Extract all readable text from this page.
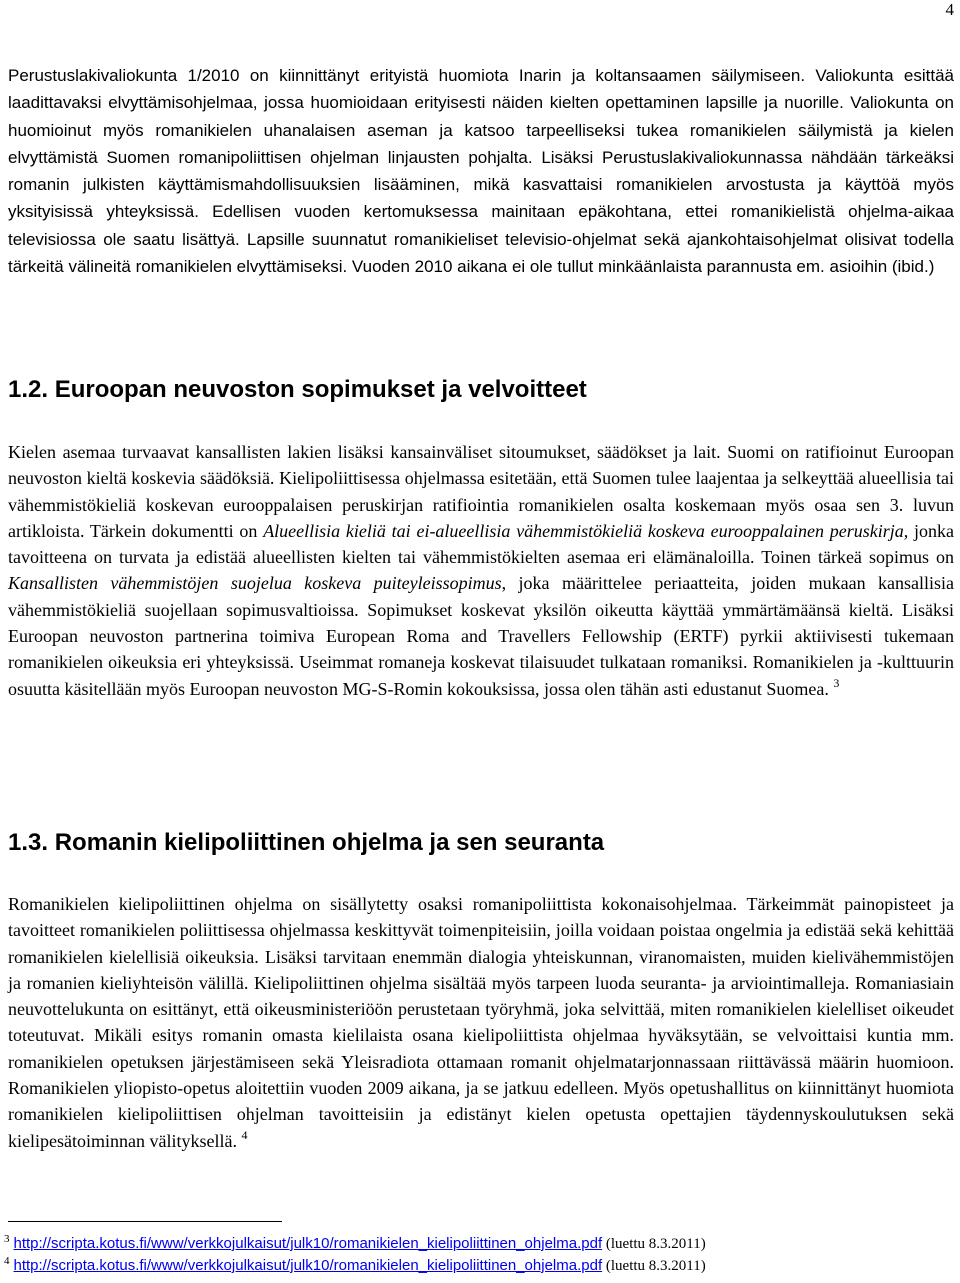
4
Perustuslakivaliokunta 1/2010 on kiinnittänyt erityistä huomiota Inarin ja koltansaamen säilymiseen. Valiokunta esittää laadittavaksi elvyttämisohjelmaa, jossa huomioidaan erityisesti näiden kielten opettaminen lapsille ja nuorille. Valiokunta on huomioinut myös romanikielen uhanalaisen aseman ja katsoo tarpeelliseksi tukea romanikielen säilymistä ja kielen elvyttämistä Suomen romanipoliittisen ohjelman linjausten pohjalta. Lisäksi Perustuslakivaliokunnassa nähdään tärkeäksi romanin julkisten käyttämismahdollisuuksien lisääminen, mikä kasvattaisi romanikielen arvostusta ja käyttöä myös yksityisissä yhteyksissä. Edellisen vuoden kertomuksessa mainitaan epäkohtana, ettei romanikielistä ohjelma-aikaa televisiossa ole saatu lisättyä. Lapsille suunnatut romanikieliset televisio-ohjelmat sekä ajankohtaisohjelmat olisivat todella tärkeitä välineitä romanikielen elvyttämiseksi. Vuoden 2010 aikana ei ole tullut minkäänlaista parannusta em. asioihin (ibid.)
1.2. Euroopan neuvoston sopimukset ja velvoitteet
Kielen asemaa turvaavat kansallisten lakien lisäksi kansainväliset sitoumukset, säädökset ja lait. Suomi on ratifioinut Euroopan neuvoston kieltä koskevia säädöksiä. Kielipoliittisessa ohjelmassa esitetään, että Suomen tulee laajentaa ja selkeyttää alueellisia tai vähemmistökieliä koskevan eurooppalaisen peruskirjan ratifiointia romanikielen osalta koskemaan myös osaa sen 3. luvun artikloista. Tärkein dokumentti on Alueellisia kieliä tai ei-alueellisia vähemmistökieliä koskeva eurooppalainen peruskirja, jonka tavoitteena on turvata ja edistää alueellisten kielten tai vähemmistökielten asemaa eri elämänaloilla. Toinen tärkeä sopimus on Kansallisten vähemmistöjen suojelua koskeva puiteyleissopimus, joka määrittelee periaatteita, joiden mukaan kansallisia vähemmistökieliä suojellaan sopimusvaltioissa. Sopimukset koskevat yksilön oikeutta käyttää ymmärtämäänsä kieltä. Lisäksi Euroopan neuvoston partnerina toimiva European Roma and Travellers Fellowship (ERTF) pyrkii aktiivisesti tukemaan romanikielen oikeuksia eri yhteyksissä. Useimmat romaneja koskevat tilaisuudet tulkataan romaniksi. Romanikielen ja -kulttuurin osuutta käsitellään myös Euroopan neuvoston MG-S-Romin kokouksissa, jossa olen tähän asti edustanut Suomea. $^3$
1.3. Romanin kielipoliittinen ohjelma ja sen seuranta
Romanikielen kielipoliittinen ohjelma on sisällytetty osaksi romanipoliittista kokonaisohjelmaa. Tärkeimmät painopisteet ja tavoitteet romanikielen poliittisessa ohjelmassa keskittyvät toimenpiteisiin, joilla voidaan poistaa ongelmia ja edistää sekä kehittää romanikielen kielellisiä oikeuksia. Lisäksi tarvitaan enemmän dialogia yhteiskunnan, viranomaisten, muiden kielivähemmistöjen ja romanien kieliyhteisön välillä. Kielipoliittinen ohjelma sisältää myös tarpeen luoda seuranta- ja arviointimalleja. Romaniasiain neuvottelukunta on esittänyt, että oikeusministeriöön perustetaan työryhmä, joka selvittää, miten romanikielen kielelliset oikeudet toteutuvat. Mikäli esitys romanin omasta kielilaista osana kielipoliittista ohjelmaa hyväksytään, se velvoittaisi kuntia mm. romanikielen opetuksen järjestämiseen sekä Yleisradiota ottamaan romanit ohjelmatarjonnassaan riittävässä määrin huomioon. Romanikielen yliopisto-opetus aloitettiin vuoden 2009 aikana, ja se jatkuu edelleen. Myös opetushallitus on kiinnittänyt huomiota romanikielen kielipoliittisen ohjelman tavoitteisiin ja edistänyt kielen opetusta opettajien täydennyskoulutuksen sekä kielipesätoiminnan välityksellä. $^4$
$^3$ http://scripta.kotus.fi/www/verkkojulkaisut/julk10/romanikielen_kielipoliittinen_ohjelma.pdf (luettu 8.3.2011)
$^4$ http://scripta.kotus.fi/www/verkkojulkaisut/julk10/romanikielen_kielipoliittinen_ohjelma.pdf (luettu 8.3.2011)
